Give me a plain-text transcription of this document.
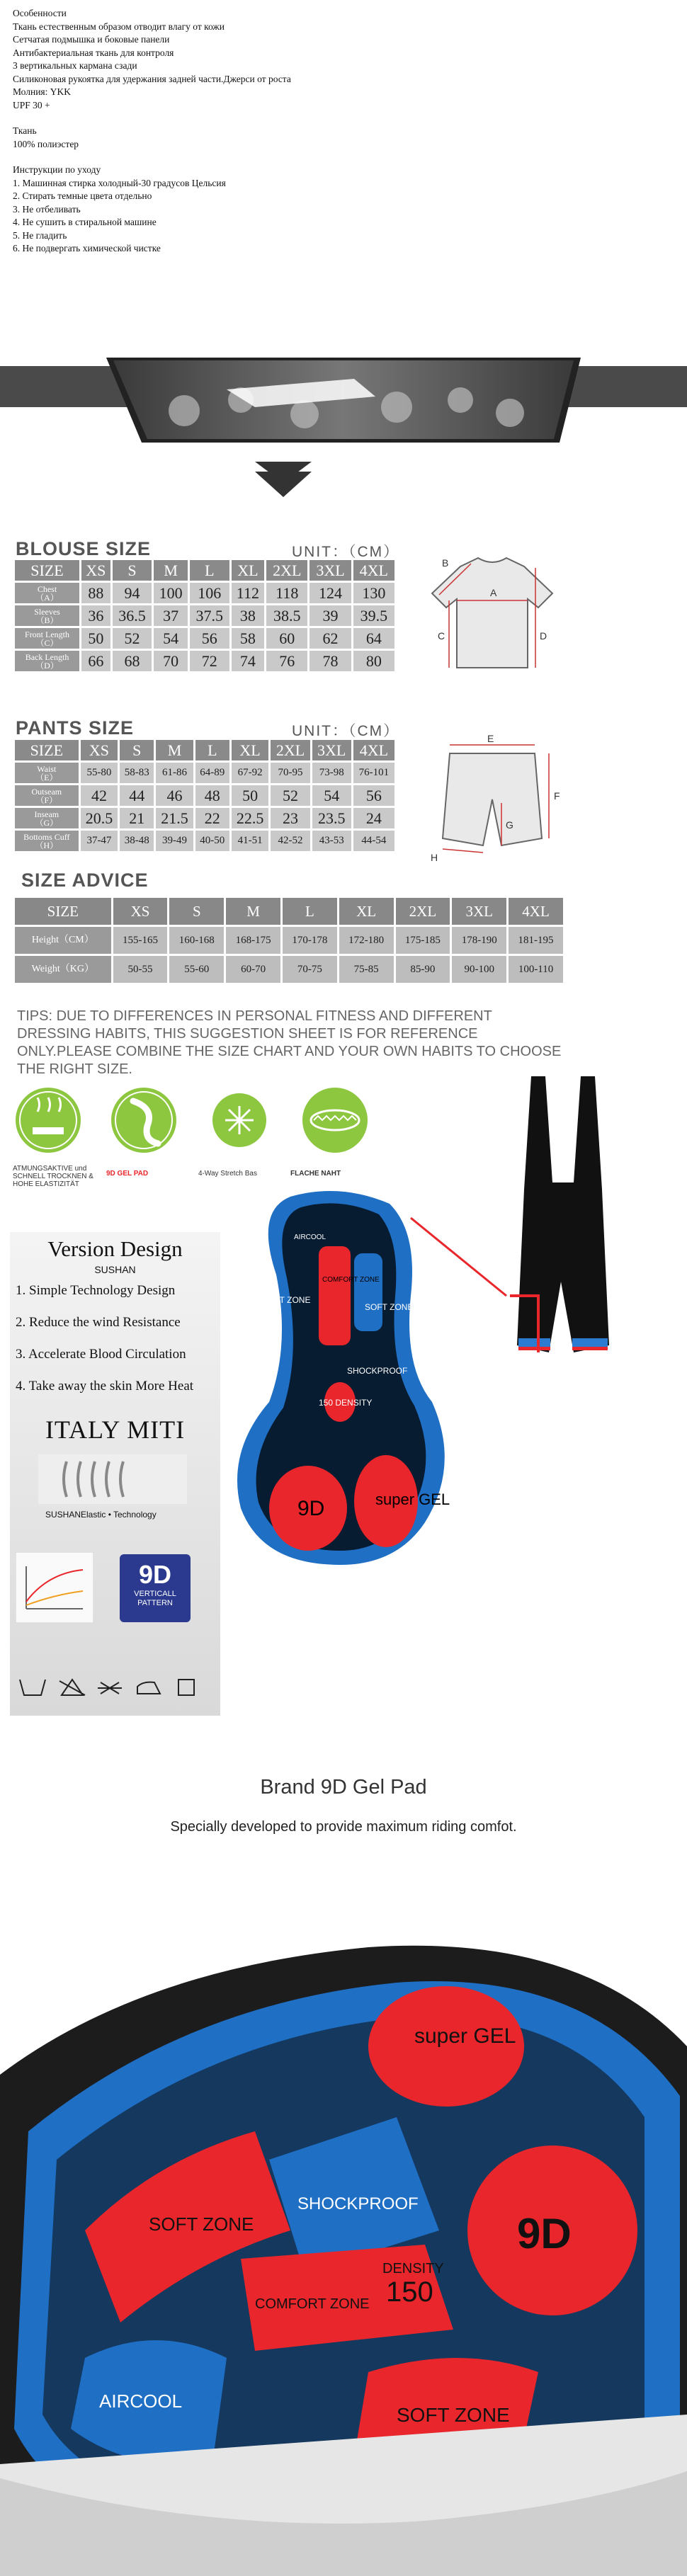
Особенности
Ткань естественным образом отводит влагу от кожи
Сетчатая подмышка и боковые панели
Антибактериальная ткань для контроля
3 вертикальных кармана сзади
Силиконовая рукоятка для удержания задней части.Джерси от роста
Молния: YKK
UPF 30 +
Ткань
100% полиэстер
Инструкции по уходу
1. Машинная стирка холодный-30 градусов Цельсия
2. Стирать темные цвета отдельно
3. Не отбеливать
4. Не сушить в стиральной машине
5. Не гладить
6. Не подвергать химической чистке
BLOUSE SIZE	UNIT：（CM）
SIZE	XS	S	M	L	XL	2XL	3XL	4XL
Chest
（A）	88	94	100	106	112	118	124	130
Sleeves
（B）	36	36.5	37	37.5	38	38.5	39	39.5
Front Length
（C）	50	52	54	56	58	60	62	64
Back Length
（D）	66	68	70	72	74	76	78	80
A
B
C	D
PANTS SIZE	UNIT：（CM）
SIZE	XS	S	M	L	XL	2XL	3XL	4XL
Waist
（E）	55-80	58-83	61-86	64-89	67-92	70-95	73-98	76-101
Outseam
（F）	42	44	46	48	50	52	54	56
Inseam
（G）	20.5	21	21.5	22	22.5	23	23.5	24
Bottoms Cuff
（H）	37-47	38-48	39-49	40-50	41-51	42-52	43-53	44-54
E
F
G
H
SIZE ADVICE
SIZE	XS	S	M	L	XL	2XL	3XL	4XL
Height（CM）	155-165	160-168	168-175	170-178	172-180	175-185	178-190	181-195
Weight（KG）	50-55	55-60	60-70	70-75	75-85	85-90	90-100	100-110
TIPS: DUE TO DIFFERENCES IN PERSONAL FITNESS AND DIFFERENT DRESSING HABITS, THIS SUGGESTION SHEET IS FOR REFERENCE ONLY.PLEASE COMBINE THE SIZE CHART AND YOUR OWN HABITS TO CHOOSE THE RIGHT SIZE.
ATMUNGSAKTIVE und SCHNELL TROCKNEN & HOHE ELASTIZITÄT
9D GEL PAD	4-Way Stretch Bas	FLACHE NAHT
Version Design
SUSHAN
1. Simple Technology Design
2. Reduce the wind Resistance
3. Accelerate Blood Circulation
4. Take away the skin More Heat
ITALY MITI
SUSHANElastic • Technology
9D
VERTICALL
PATTERN
9D	super GEL
150 DENSITY
SOFT ZONE
SHOCKPROOF
SOFT ZONE
COMFORT ZONE
AIRCOOL
Brand 9D Gel Pad
Specially developed to provide maximum riding comfot.
super GEL
9D
150
DENSITY
SHOCKPROOF
SOFT ZONE
COMFORT ZONE
AIRCOOL
SOFT ZONE
